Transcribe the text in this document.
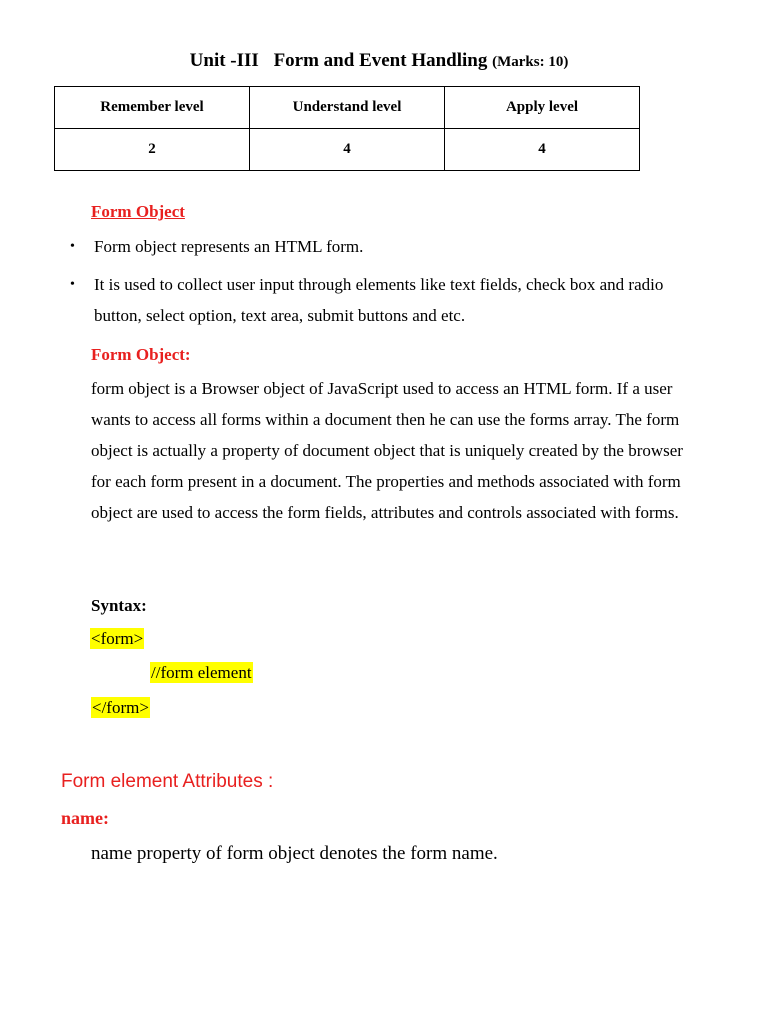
Unit -III Form and Event Handling (Marks: 10)
Remember level	Understand level	Apply level
2	4	4
Form Object
• Form object represents an HTML form.
• It is used to collect user input through elements like text fields, check box and radio button, select option, text area, submit buttons and etc.
Form Object:

form object is a Browser object of JavaScript used to access an HTML form. If a user wants to access all forms within a document then he can use the forms array. The form object is actually a property of document object that is uniquely created by the browser for each form present in a document. The properties and methods associated with form object are used to access the form fields, attributes and controls associated with forms.

Syntax:
<form>
//form element
</form>
Form element Attributes :
name:
name property of form object denotes the form name.
